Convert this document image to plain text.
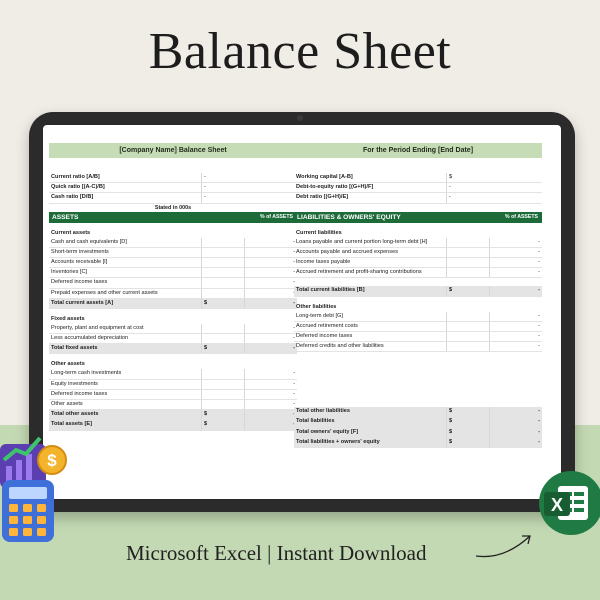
Balance Sheet
[Company Name] Balance Sheet
Current ratio [A/B]	-
Quick ratio [(A-C)/B]	-
Cash ratio [D/B]	-
Stated in 000s
ASSETS	% of ASSETS
Current assets
Cash and cash equivalents [D]	-
Short-term investments	-
Accounts receivable [I]	-
Inventories [C]	-
Deferred income taxes	-
Prepaid expenses and other current assets
Total current assets [A]	$	-
Fixed assets
Property, plant and equipment at cost	-
Less accumulated depreciation	-
Total fixed assets	$	-
Other assets
Long-term cash investments	-
Equity investments	-
Deferred income taxes	-
Other assets	-
Total other assets	$
Total assets [E]	$
For the Period Ending [End Date]
Working capital [A-B]	$
Debt-to-equity ratio [(G+H)/F]	-
Debt ratio [(G+H)/E]	-
LIABILITIES & OWNERS' EQUITY	% of ASSETS
Current liabilities
Loans payable and current portion long-term debt [H]	-
Accounts payable and accrued expenses	-
Income taxes payable	-
Accrued retirement and profit-sharing contributions	-
Total current liabilities [B]	$	-
Other liabilities
Long-term debt [G]	-
Accrued retirement costs	-
Deferred income taxes	-
Deferred credits and other liabilities	-
Total other liabilities	$	-
Total liabilities	$	-
Total owners' equity [F]	$	-
Total liabilities + owners' equity	$	-
$
X
Microsoft Excel | Instant Download
